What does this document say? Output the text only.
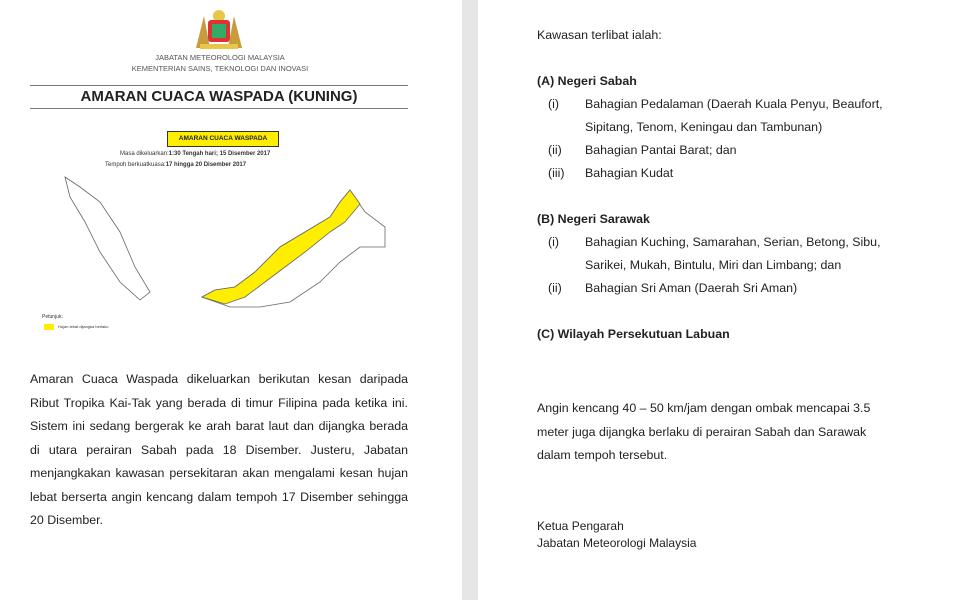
JABATAN METEOROLOGI MALAYSIA
KEMENTERIAN SAINS, TEKNOLOGI DAN INOVASI
AMARAN CUACA WASPADA (KUNING)
AMARAN CUACA WASPADA
Masa dikeluarkan:1:30 Tengah hari; 15 Disember 2017
Tempoh berkuatkuasa:17 hingga 20 Disember 2017
Petunjuk:
Hujan lebat dijangka berlaku
Amaran Cuaca Waspada dikeluarkan berikutan kesan daripada Ribut Tropika Kai-Tak yang berada di timur Filipina pada ketika ini. Sistem ini sedang bergerak ke arah barat laut dan dijangka berada di utara perairan Sabah pada 18 Disember. Justeru, Jabatan menjangkakan kawasan persekitaran akan mengalami kesan hujan lebat berserta angin kencang dalam tempoh 17 Disember sehingga 20 Disember.
Kawasan terlibat ialah:
(A) Negeri Sabah
(i)	Bahagian Pedalaman (Daerah Kuala Penyu, Beaufort,
Sipitang, Tenom, Keningau dan Tambunan)
(ii)	Bahagian Pantai Barat; dan
(iii)	Bahagian Kudat
(B) Negeri Sarawak
(i)	Bahagian Kuching, Samarahan, Serian, Betong, Sibu,
Sarikei, Mukah, Bintulu, Miri dan Limbang; dan
(ii)	Bahagian Sri Aman (Daerah Sri Aman)
(C) Wilayah Persekutuan Labuan
Angin kencang 40 – 50 km/jam dengan ombak mencapai 3.5
meter juga dijangka berlaku di perairan Sabah dan Sarawak
dalam tempoh tersebut.
Ketua Pengarah
Jabatan Meteorologi Malaysia
